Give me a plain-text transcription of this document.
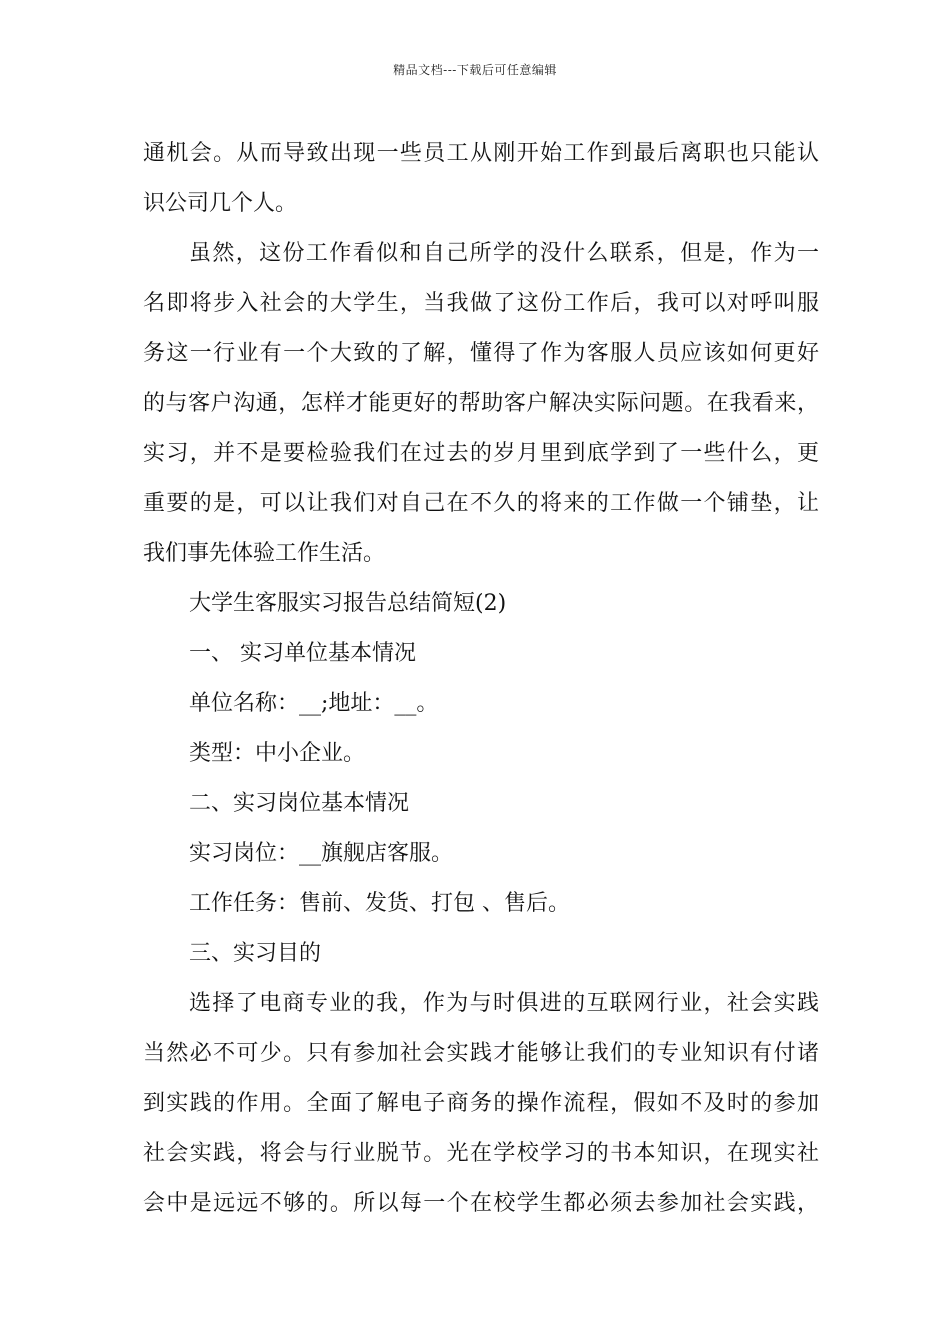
精品文档---下载后可任意编辑
通机会。从而导致出现一些员工从刚开始工作到最后离职也只能认
识公司几个人。
虽然，这份工作看似和自己所学的没什么联系，但是，作为一
名即将步入社会的大学生，当我做了这份工作后，我可以对呼叫服
务这一行业有一个大致的了解，懂得了作为客服人员应该如何更好
的与客户沟通，怎样才能更好的帮助客户解决实际问题。在我看来，
实习，并不是要检验我们在过去的岁月里到底学到了一些什么，更
重要的是，可以让我们对自己在不久的将来的工作做一个铺垫，让
我们事先体验工作生活。
大学生客服实习报告总结简短(2)
一、 实习单位基本情况
单位名称：__;地址：__。
类型：中小企业。
二、实习岗位基本情况
实习岗位：__旗舰店客服。
工作任务：售前、发货、打包 、售后。
三、实习目的
选择了电商专业的我，作为与时俱进的互联网行业，社会实践
当然必不可少。只有参加社会实践才能够让我们的专业知识有付诸
到实践的作用。全面了解电子商务的操作流程，假如不及时的参加
社会实践，将会与行业脱节。光在学校学习的书本知识，在现实社
会中是远远不够的。所以每一个在校学生都必须去参加社会实践，
